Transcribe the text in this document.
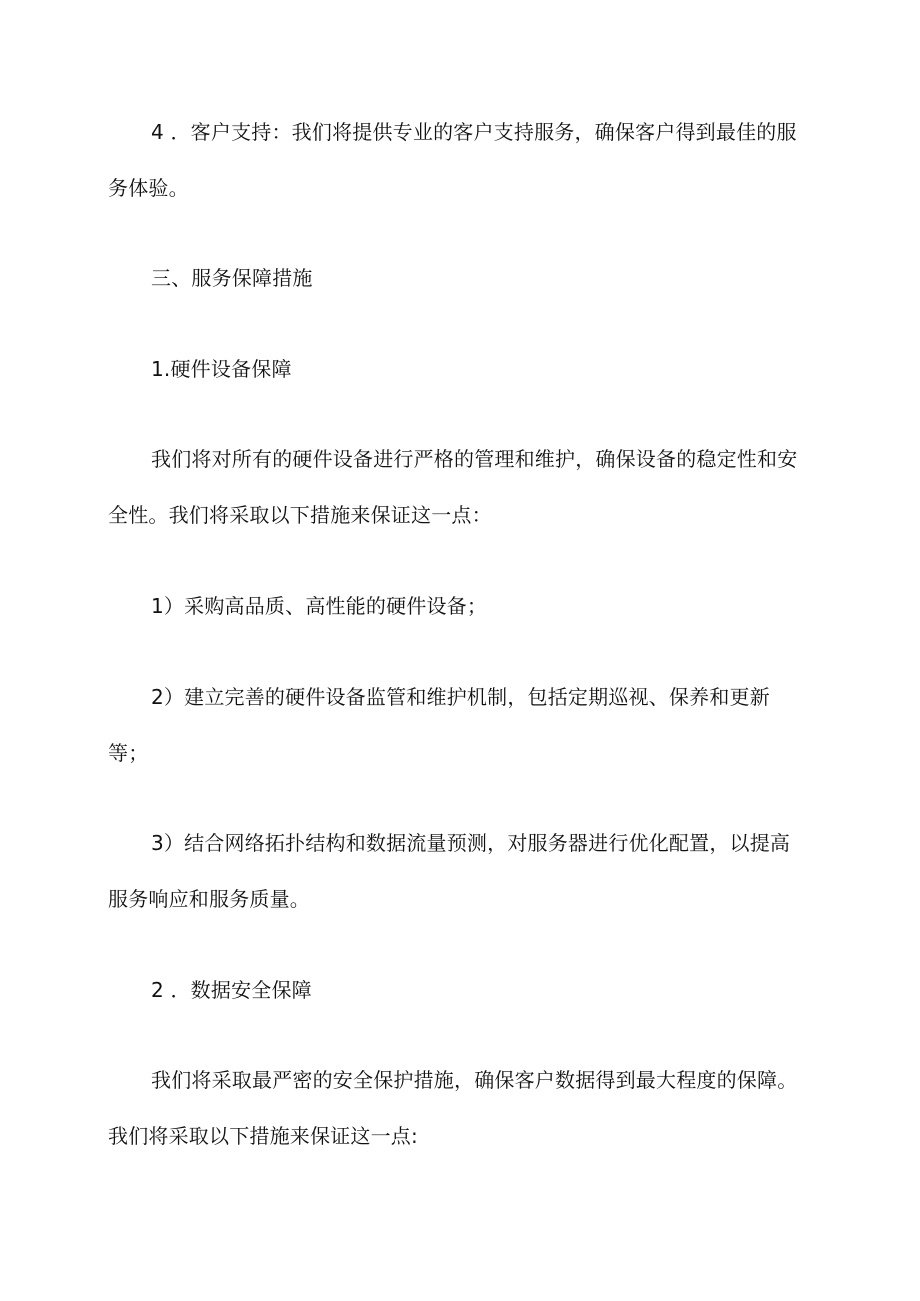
4 ．客户支持：我们将提供专业的客户支持服务，确保客户得到最佳的服
务体验。
三、服务保障措施
1.硬件设备保障
我们将对所有的硬件设备进行严格的管理和维护，确保设备的稳定性和安
全性。我们将采取以下措施来保证这一点：
1）采购高品质、高性能的硬件设备；
2）建立完善的硬件设备监管和维护机制，包括定期巡视、保养和更新
等；
3）结合网络拓扑结构和数据流量预测，对服务器进行优化配置，以提高
服务响应和服务质量。
2 ．数据安全保障
我们将采取最严密的安全保护措施，确保客户数据得到最大程度的保障。
我们将采取以下措施来保证这一点:
